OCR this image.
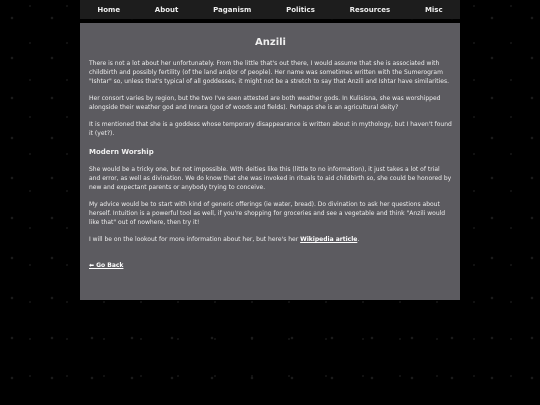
Home	About	Paganism	Politics	Resources	Misc
Anzili

There is not a lot about her unfortunately. From the little that's out there, I would assume that she is associated with childbirth and possibly fertility (of the land and/or of people). Her name was sometimes written with the Sumerogram "Ishtar" so, unless that's typical of all goddesses, it might not be a stretch to say that Anzili and Ishtar have similarities.

Her consort varies by region, but the two I've seen attested are both weather gods. In Kulisisna, she was worshipped alongside their weather god and Innara (god of woods and fields). Perhaps she is an agricultural deity?

It is mentioned that she is a goddess whose temporary disappearance is written about in mythology, but I haven't found it (yet?).

Modern Worship

She would be a tricky one, but not impossible. With deities like this (little to no information), it just takes a lot of trial and error, as well as divination. We do know that she was invoked in rituals to aid childbirth so, she could be honored by new and expectant parents or anybody trying to conceive.

My advice would be to start with kind of generic offerings (ie water, bread). Do divination to ask her questions about herself. Intuition is a powerful tool as well, if you're shopping for groceries and see a vegetable and think "Anzili would like that" out of nowhere, then try it!

I will be on the lookout for more information about her, but here's her Wikipedia article.

⬅ Go Back
